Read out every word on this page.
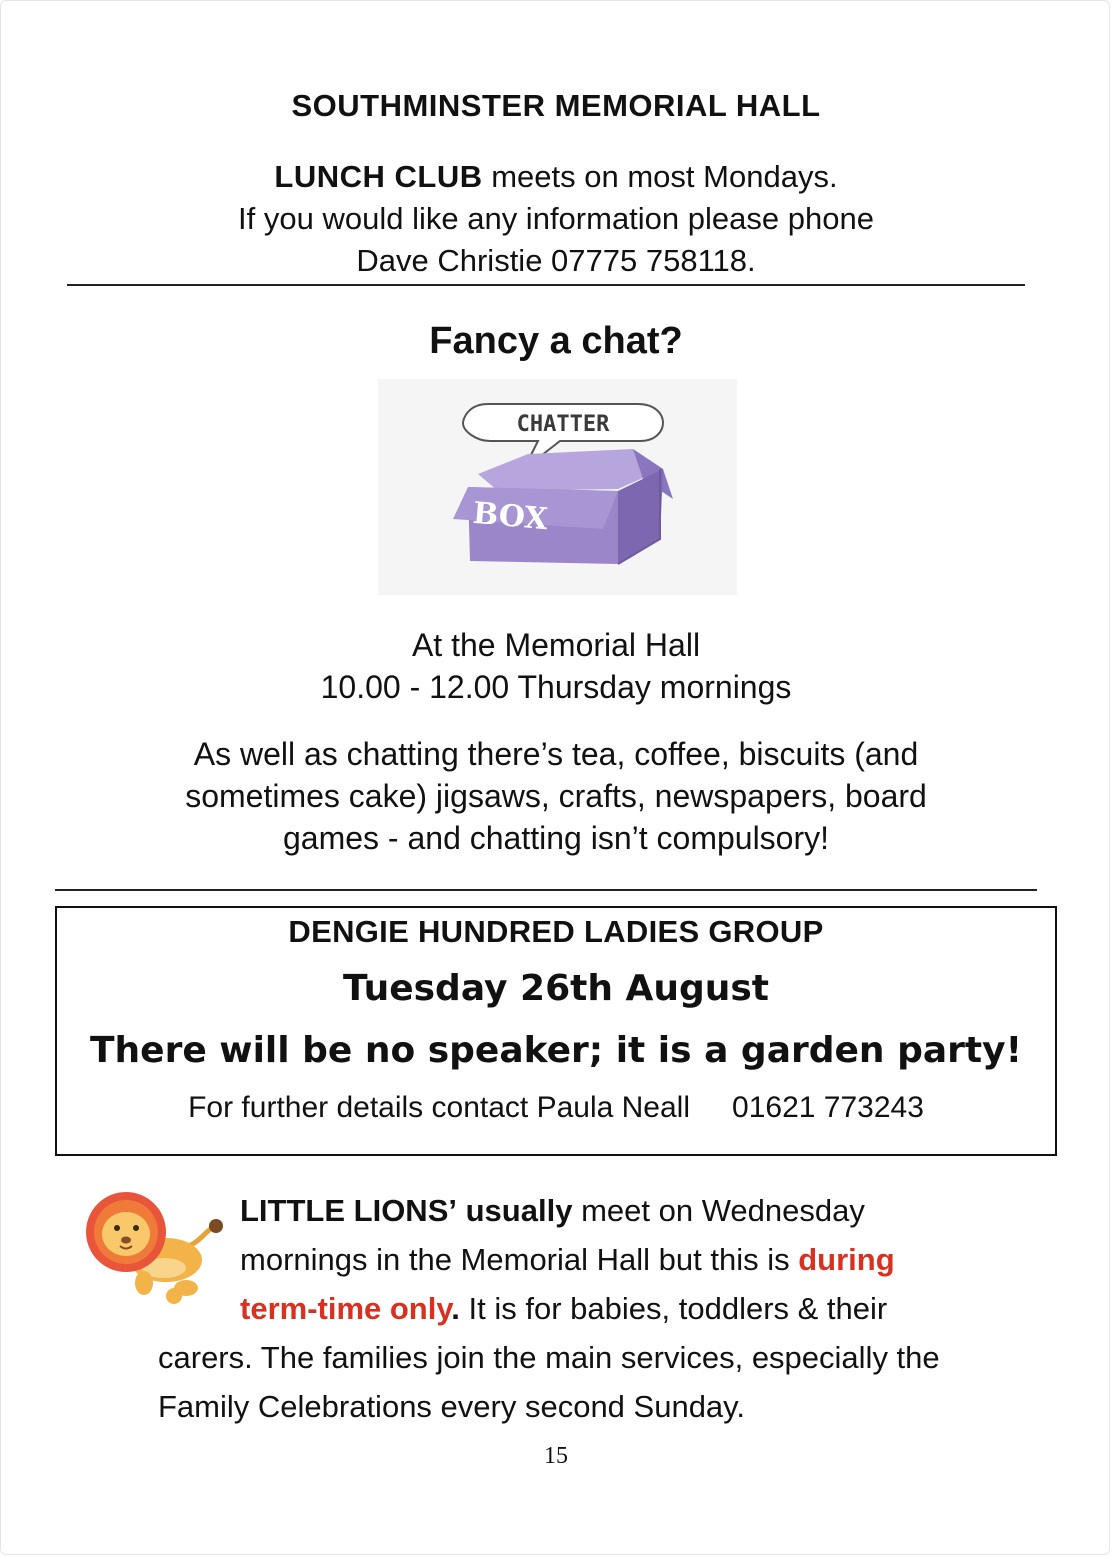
SOUTHMINSTER MEMORIAL HALL
LUNCH CLUB meets on most Mondays.
If you would like any information please phone
Dave Christie 07775 758118.
Fancy a chat?
CHATTER
BOX
At the Memorial Hall
10.00 - 12.00 Thursday mornings
As well as chatting there’s tea, coffee, biscuits (and
sometimes cake) jigsaws, crafts, newspapers, board
games - and chatting isn’t compulsory!
DENGIE HUNDRED LADIES GROUP
Tuesday 26th August
There will be no speaker; it is a garden party!
For further details contact Paula Neall 01621 773243
LITTLE LIONS’ usually meet on Wednesday
mornings in the Memorial Hall but this is during
term-time only. It is for babies, toddlers & their
carers. The families join the main services, especially the
Family Celebrations every second Sunday.
15
